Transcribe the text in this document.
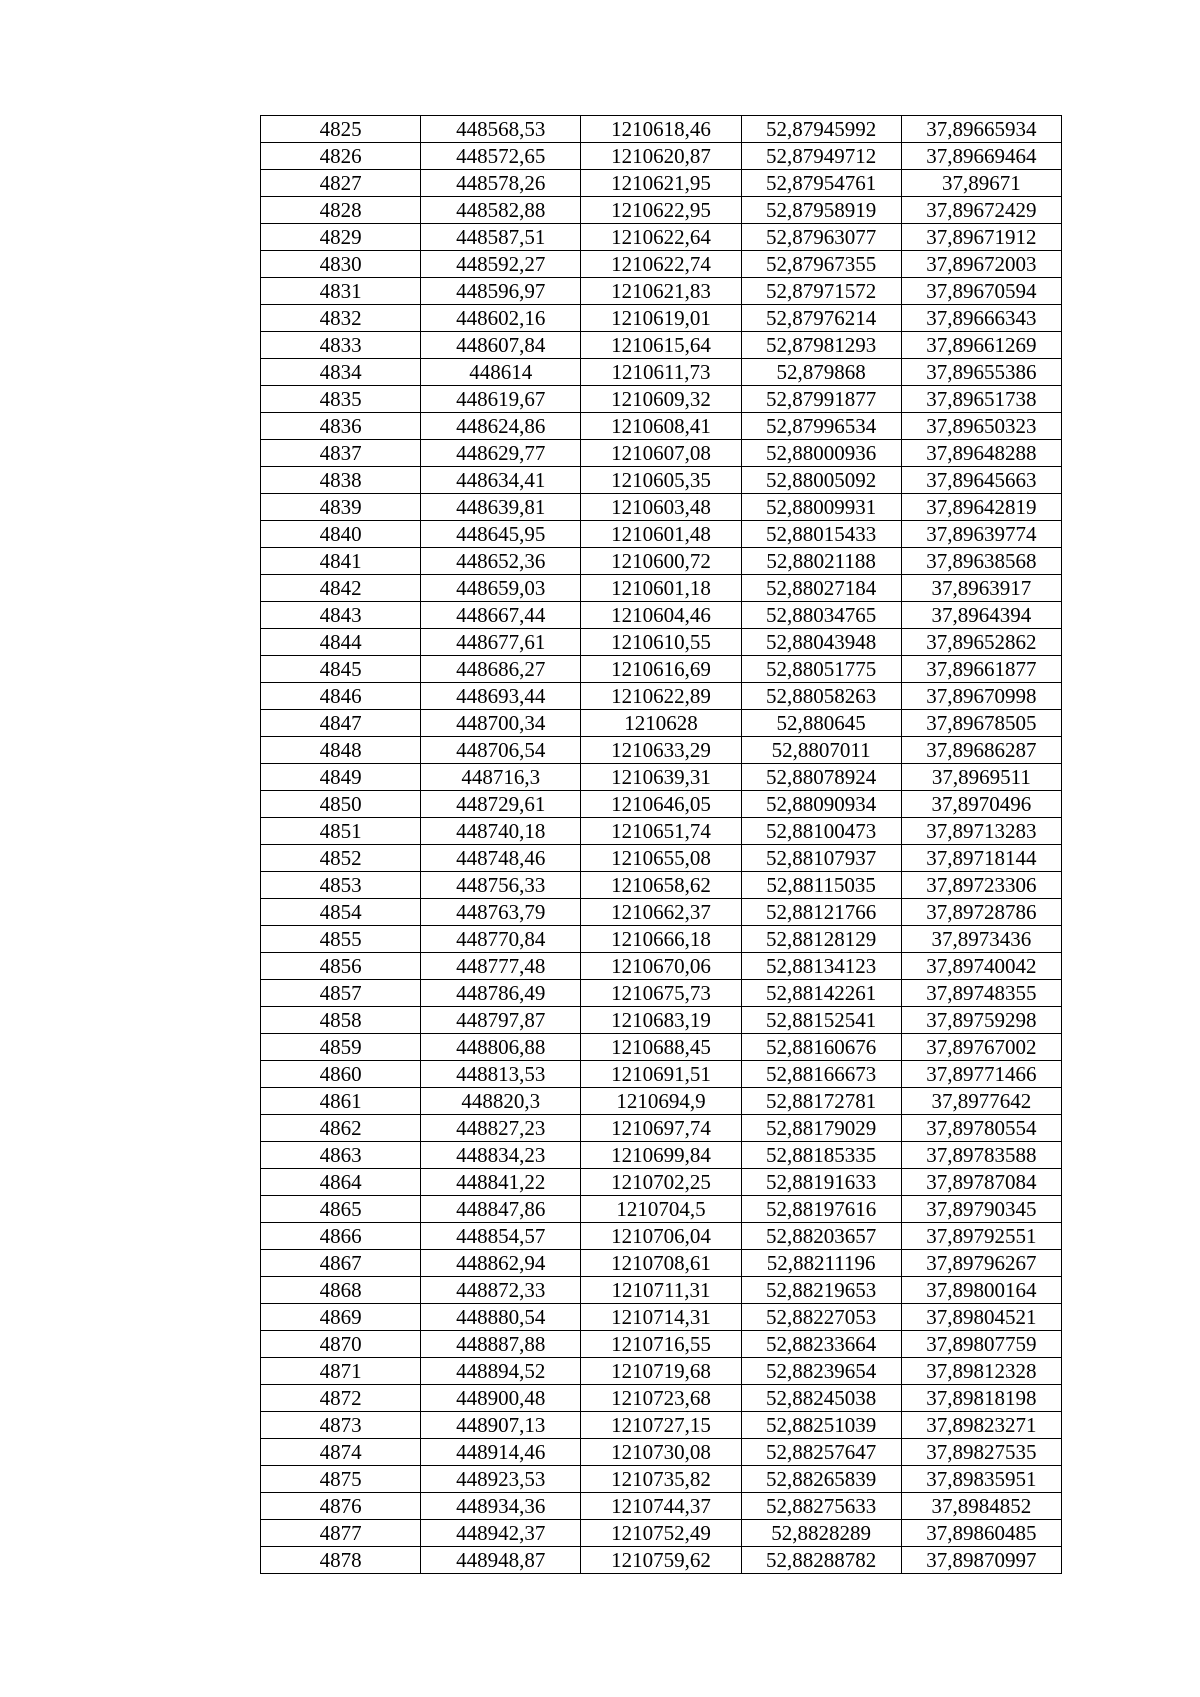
4825	448568,53	1210618,46	52,87945992	37,89665934
4826	448572,65	1210620,87	52,87949712	37,89669464
4827	448578,26	1210621,95	52,87954761	37,89671
4828	448582,88	1210622,95	52,87958919	37,89672429
4829	448587,51	1210622,64	52,87963077	37,89671912
4830	448592,27	1210622,74	52,87967355	37,89672003
4831	448596,97	1210621,83	52,87971572	37,89670594
4832	448602,16	1210619,01	52,87976214	37,89666343
4833	448607,84	1210615,64	52,87981293	37,89661269
4834	448614	1210611,73	52,879868	37,89655386
4835	448619,67	1210609,32	52,87991877	37,89651738
4836	448624,86	1210608,41	52,87996534	37,89650323
4837	448629,77	1210607,08	52,88000936	37,89648288
4838	448634,41	1210605,35	52,88005092	37,89645663
4839	448639,81	1210603,48	52,88009931	37,89642819
4840	448645,95	1210601,48	52,88015433	37,89639774
4841	448652,36	1210600,72	52,88021188	37,89638568
4842	448659,03	1210601,18	52,88027184	37,8963917
4843	448667,44	1210604,46	52,88034765	37,8964394
4844	448677,61	1210610,55	52,88043948	37,89652862
4845	448686,27	1210616,69	52,88051775	37,89661877
4846	448693,44	1210622,89	52,88058263	37,89670998
4847	448700,34	1210628	52,880645	37,89678505
4848	448706,54	1210633,29	52,8807011	37,89686287
4849	448716,3	1210639,31	52,88078924	37,8969511
4850	448729,61	1210646,05	52,88090934	37,8970496
4851	448740,18	1210651,74	52,88100473	37,89713283
4852	448748,46	1210655,08	52,88107937	37,89718144
4853	448756,33	1210658,62	52,88115035	37,89723306
4854	448763,79	1210662,37	52,88121766	37,89728786
4855	448770,84	1210666,18	52,88128129	37,8973436
4856	448777,48	1210670,06	52,88134123	37,89740042
4857	448786,49	1210675,73	52,88142261	37,89748355
4858	448797,87	1210683,19	52,88152541	37,89759298
4859	448806,88	1210688,45	52,88160676	37,89767002
4860	448813,53	1210691,51	52,88166673	37,89771466
4861	448820,3	1210694,9	52,88172781	37,8977642
4862	448827,23	1210697,74	52,88179029	37,89780554
4863	448834,23	1210699,84	52,88185335	37,89783588
4864	448841,22	1210702,25	52,88191633	37,89787084
4865	448847,86	1210704,5	52,88197616	37,89790345
4866	448854,57	1210706,04	52,88203657	37,89792551
4867	448862,94	1210708,61	52,88211196	37,89796267
4868	448872,33	1210711,31	52,88219653	37,89800164
4869	448880,54	1210714,31	52,88227053	37,89804521
4870	448887,88	1210716,55	52,88233664	37,89807759
4871	448894,52	1210719,68	52,88239654	37,89812328
4872	448900,48	1210723,68	52,88245038	37,89818198
4873	448907,13	1210727,15	52,88251039	37,89823271
4874	448914,46	1210730,08	52,88257647	37,89827535
4875	448923,53	1210735,82	52,88265839	37,89835951
4876	448934,36	1210744,37	52,88275633	37,8984852
4877	448942,37	1210752,49	52,8828289	37,89860485
4878	448948,87	1210759,62	52,88288782	37,89870997
